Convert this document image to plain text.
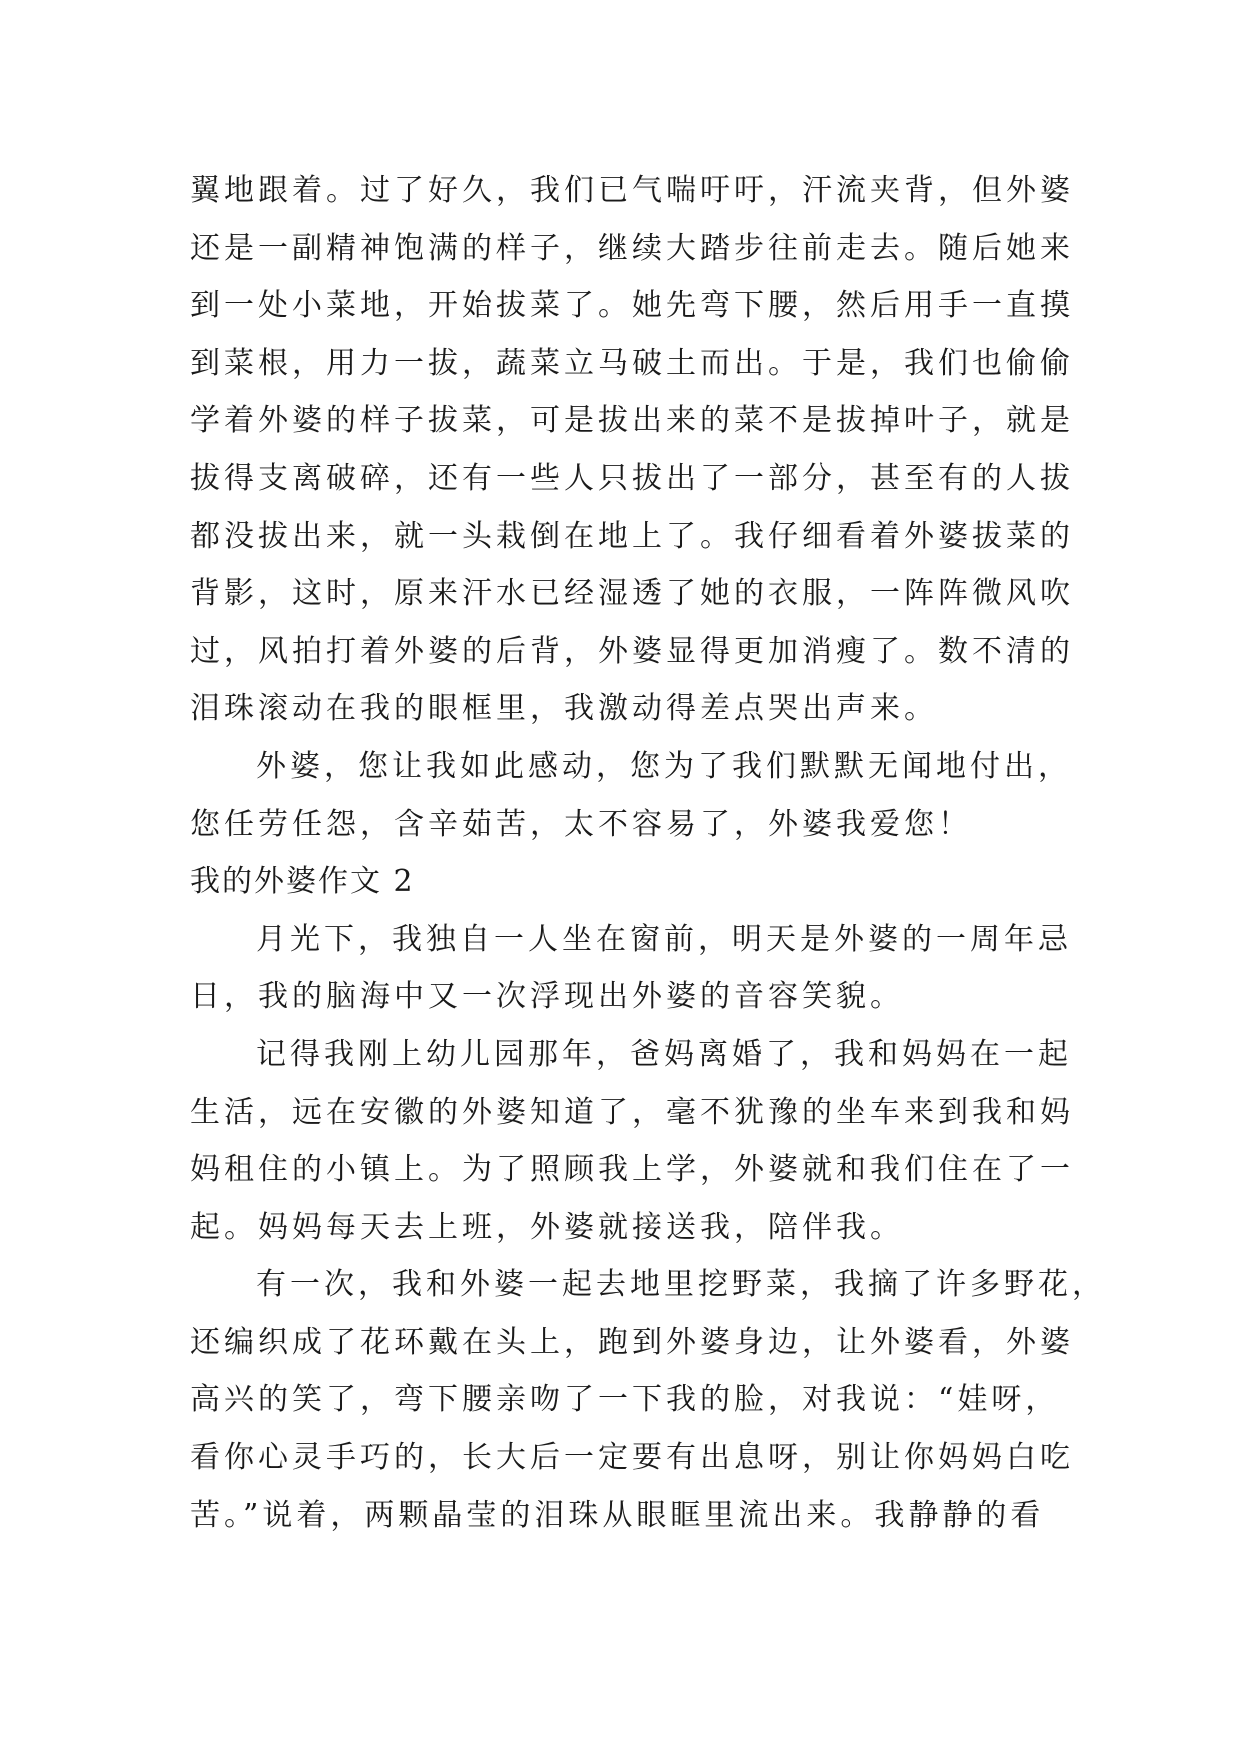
翼地跟着。过了好久，我们已气喘吁吁，汗流夹背，但外婆
还是一副精神饱满的样子，继续大踏步往前走去。随后她来
到一处小菜地，开始拔菜了。她先弯下腰，然后用手一直摸
到菜根，用力一拔，蔬菜立马破土而出。于是，我们也偷偷
学着外婆的样子拔菜，可是拔出来的菜不是拔掉叶子，就是
拔得支离破碎，还有一些人只拔出了一部分，甚至有的人拔
都没拔出来，就一头栽倒在地上了。我仔细看着外婆拔菜的
背影，这时，原来汗水已经湿透了她的衣服，一阵阵微风吹
过，风拍打着外婆的后背，外婆显得更加消瘦了。数不清的
泪珠滚动在我的眼框里，我激动得差点哭出声来。
外婆，您让我如此感动，您为了我们默默无闻地付出，
您任劳任怨，含辛茹苦，太不容易了，外婆我爱您！
我的外婆作文 2
月光下，我独自一人坐在窗前，明天是外婆的一周年忌
日，我的脑海中又一次浮现出外婆的音容笑貌。
记得我刚上幼儿园那年，爸妈离婚了，我和妈妈在一起
生活，远在安徽的外婆知道了，毫不犹豫的坐车来到我和妈
妈租住的小镇上。为了照顾我上学，外婆就和我们住在了一
起。妈妈每天去上班，外婆就接送我，陪伴我。
有一次，我和外婆一起去地里挖野菜，我摘了许多野花，
还编织成了花环戴在头上，跑到外婆身边，让外婆看，外婆
高兴的笑了，弯下腰亲吻了一下我的脸，对我说：“娃呀，
看你心灵手巧的，长大后一定要有出息呀，别让你妈妈白吃
苦。”说着，两颗晶莹的泪珠从眼眶里流出来。我静静的看
